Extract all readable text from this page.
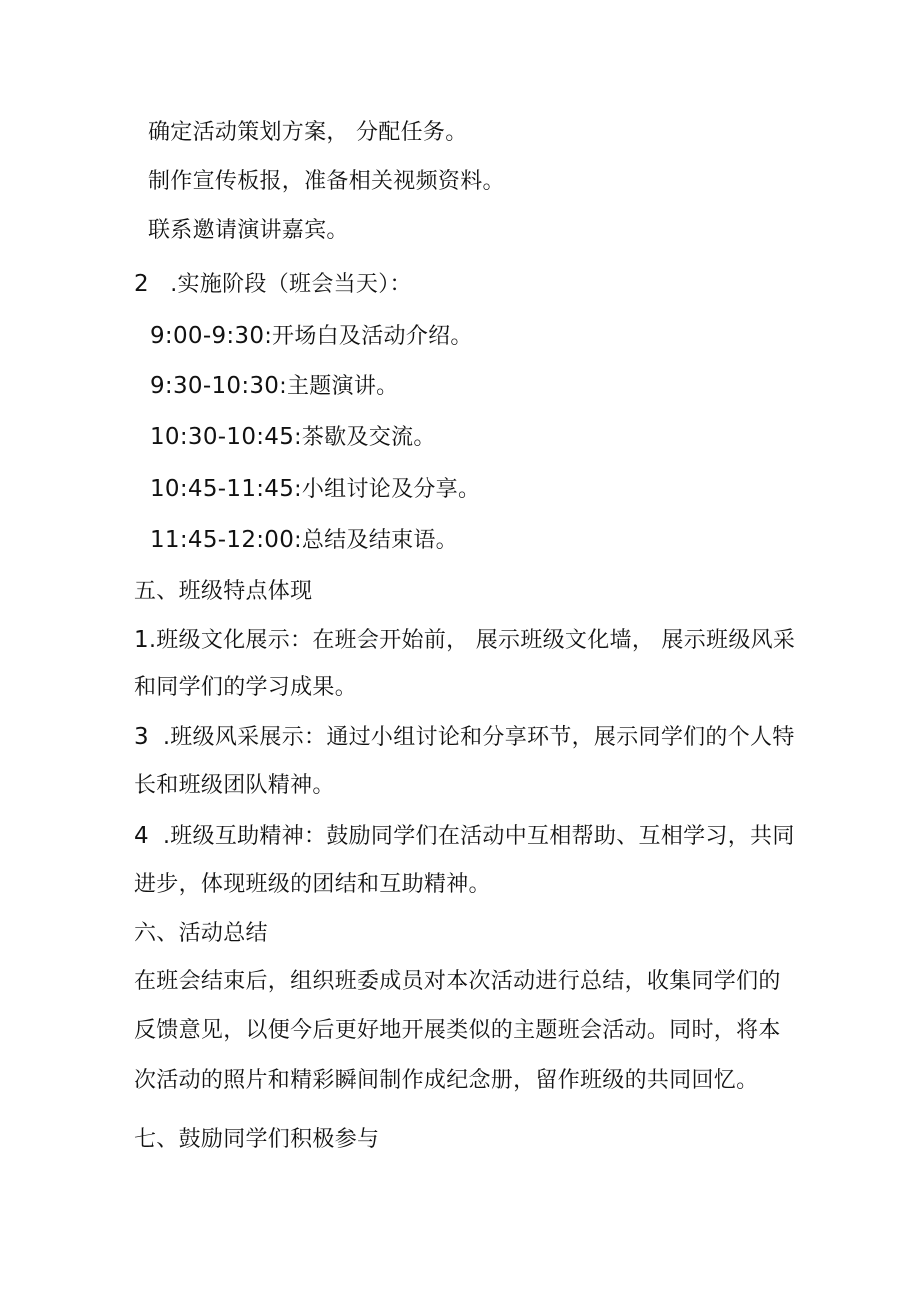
确定活动策划方案， 分配任务。
制作宣传板报，准备相关视频资料。
联系邀请演讲嘉宾。
2 .实施阶段（班会当天）：
9:00-9:30:开场白及活动介绍。
9:30-10:30:主题演讲。
10:30-10:45:茶歇及交流。
10:45-11:45:小组讨论及分享。
11:45-12:00:总结及结束语。
五、班级特点体现
1.班级文化展示：在班会开始前， 展示班级文化墙， 展示班级风采
和同学们的学习成果。
3 .班级风采展示：通过小组讨论和分享环节，展示同学们的个人特
长和班级团队精神。
4 .班级互助精神：鼓励同学们在活动中互相帮助、互相学习，共同
进步，体现班级的团结和互助精神。
六、活动总结
在班会结束后，组织班委成员对本次活动进行总结，收集同学们的
反馈意见，以便今后更好地开展类似的主题班会活动。同时，将本
次活动的照片和精彩瞬间制作成纪念册，留作班级的共同回忆。
七、鼓励同学们积极参与
